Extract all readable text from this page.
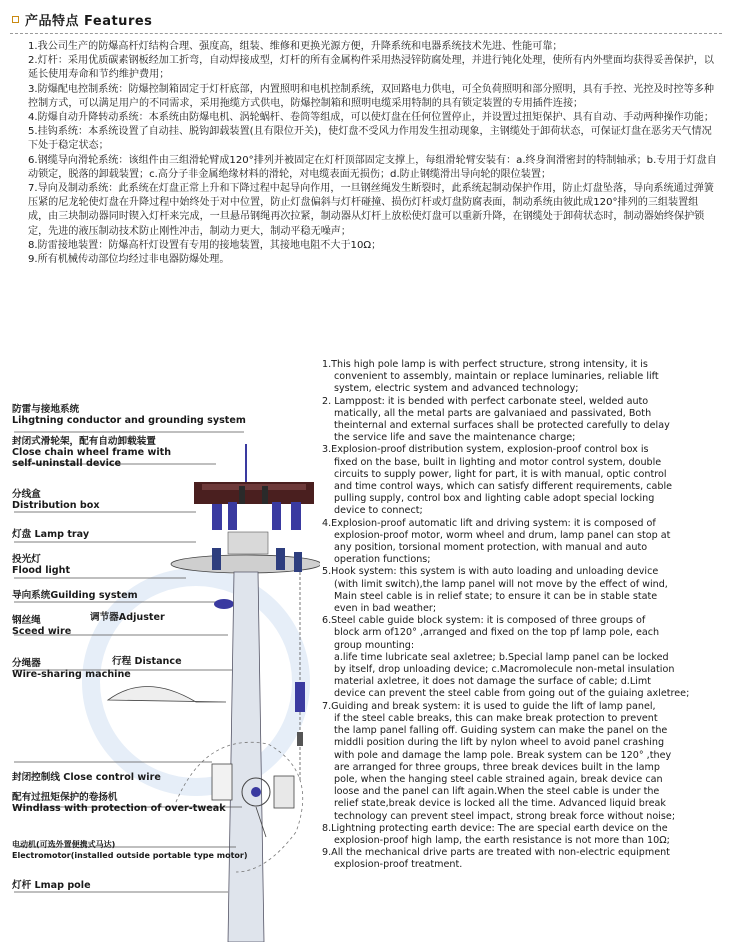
产品特点 Features

1.我公司生产的防爆高杆灯结构合理、强度高，组装、维修和更换光源方便，升降系统和电器系统技术先进、性能可靠；

2.灯杆：采用优质碳素钢板经加工折弯，自动焊接成型，灯杆的所有金属构件采用热浸锌防腐处理，并进行钝化处理，使所有内外壁面均获得妥善保护，以延长使用寿命和节约维护费用；

3.防爆配电控制系统：防爆控制箱固定于灯杆底部，内置照明和电机控制系统，双回路电力供电，可全负荷照明和部分照明，具有手控、光控及时控等多种控制方式，可以满足用户的不同需求，采用拖缆方式供电，防爆控制箱和照明电缆采用特制的具有锁定装置的专用插件连接；

4.防爆自动升降转动系统：本系统由防爆电机、涡轮蜗杆、卷筒等组成，可以使灯盘在任何位置停止，并设置过扭矩保护、具有自动、手动两种操作功能；

5.挂钩系统：本系统设置了自动挂、脱钩卸载装置(且有限位开关)，使灯盘不受风力作用发生扭动现象，主钢缆处于卸荷状态，可保证灯盘在恶劣天气情况下处于稳定状态；

6.钢缆导向滑轮系统：该组件由三组滑轮臂成120°排列并被固定在灯杆顶部固定支撑上，每组滑轮臂安装有：a.终身润滑密封的特制轴承；b.专用于灯盘自动锁定，脱落的卸载装置；c.高分子非金属绝缘材料的滑轮，对电缆表面无损伤；d.防止钢缆滑出导向轮的限位装置；

7.导向及制动系统：此系统在灯盘正常上升和下降过程中起导向作用，一旦钢丝绳发生断裂时，此系统起制动保护作用，防止灯盘坠落，导向系统通过弹簧压紧的尼龙轮使灯盘在升降过程中始终处于对中位置，防止灯盘偏斜与灯杆碰撞、损伤灯杆或灯盘防腐表面，制动系统由彼此成120°排列的三组装置组成，由三块制动器同时锲入灯杆来完成，一旦悬吊钢绳再次拉紧，制动器从灯杆上放松使灯盘可以重新升降，在钢缆处于卸荷状态时，制动器始终保护锁定，先进的液压制动技术防止刚性冲击，制动力更大，制动平稳无噪声；

8.防雷接地装置：防爆高杆灯设置有专用的接地装置，其接地电阻不大于10Ω；

9.所有机械传动部位均经过非电器防爆处理。

防雷与接地系统
Lihgtning conductor and grounding system
封闭式滑轮架，配有自动卸载装置
Close chain wheel frame with
self-uninstall device
分线盒
Distribution box
灯盘 Lamp tray
投光灯
Flood light
导向系统Guilding system
调节器Adjuster
钢丝绳
Sceed wire
分绳器
Wire-sharing machine
行程 Distance
封闭控制线 Close control wire
配有过扭矩保护的卷扬机
Windlass with protection of over-tweak
电动机(可选外置便携式马达)
Electromotor(installed outside portable type motor)
灯杆 Lmap pole

1.This high pole lamp is with perfect structure, strong intensity, it is

convenient to assembly, maintain or replace luminaries, reliable lift

system, electric system and advanced technology;

2. Lamppost: it is bended with perfect carbonate steel, welded auto

matically, all the metal parts are galvaniaed and passivated, Both

theinternal and external surfaces shall be protected carefully to delay

the service life and save the maintenance charge;

3.Explosion-proof distribution system, explosion-proof control box is

fixed on the base, built in lighting and motor control system, double

circuits to supply power, light for part, it is with manual, optic control

and time control ways, which can satisfy different requirements, cable

pulling supply, control box and lighting cable adopt special locking

device to connect;

4.Explosion-proof automatic lift and driving system: it is composed of

explosion-proof motor, worm wheel and drum, lamp panel can stop at

any position, torsional moment protection, with manual and auto

operation functions;

5.Hook system: this system is with auto loading and unloading device

(with limit switch),the lamp panel will not move by the effect of wind,

Main steel cable is in relief state; to ensure it can be in stable state

even in bad weather;

6.Steel cable guide block system: it is composed of three groups of

block arm of120° ,arranged and fixed on the top pf lamp pole, each

group mounting:

a.life time lubricate seal axletree; b.Special lamp panel can be locked

by itself, drop unloading device; c.Macromolecule non-metal insulation

material axletree, it does not damage the surface of cable; d.Limt

device can prevent the steel cable from going out of the guiaing axletree;

7.Guiding and break system: it is used to guide the lift of lamp panel,

if the steel cable breaks, this can make break protection to prevent

the lamp panel falling off. Guiding system can make the panel on the

middli position during the lift by nylon wheel to avoid panel crashing

with pole and damage the lamp pole. Break system can be 120° ,they

are arranged for three groups, three break devices built in the lamp

pole, when the hanging steel cable strained again, break device can

loose and the panel can lift again.When the steel cable is under the

relief state,break device is locked all the time. Advanced liquid break

technology can prevent steel impact, strong break force without noise;

8.Lightning protecting earth device: The are special earth device on the

explosion-proof high lamp, the earth resistance is not more than 10Ω;

9.All the mechanical drive parts are treated with non-electric equipment

explosion-proof treatment.
